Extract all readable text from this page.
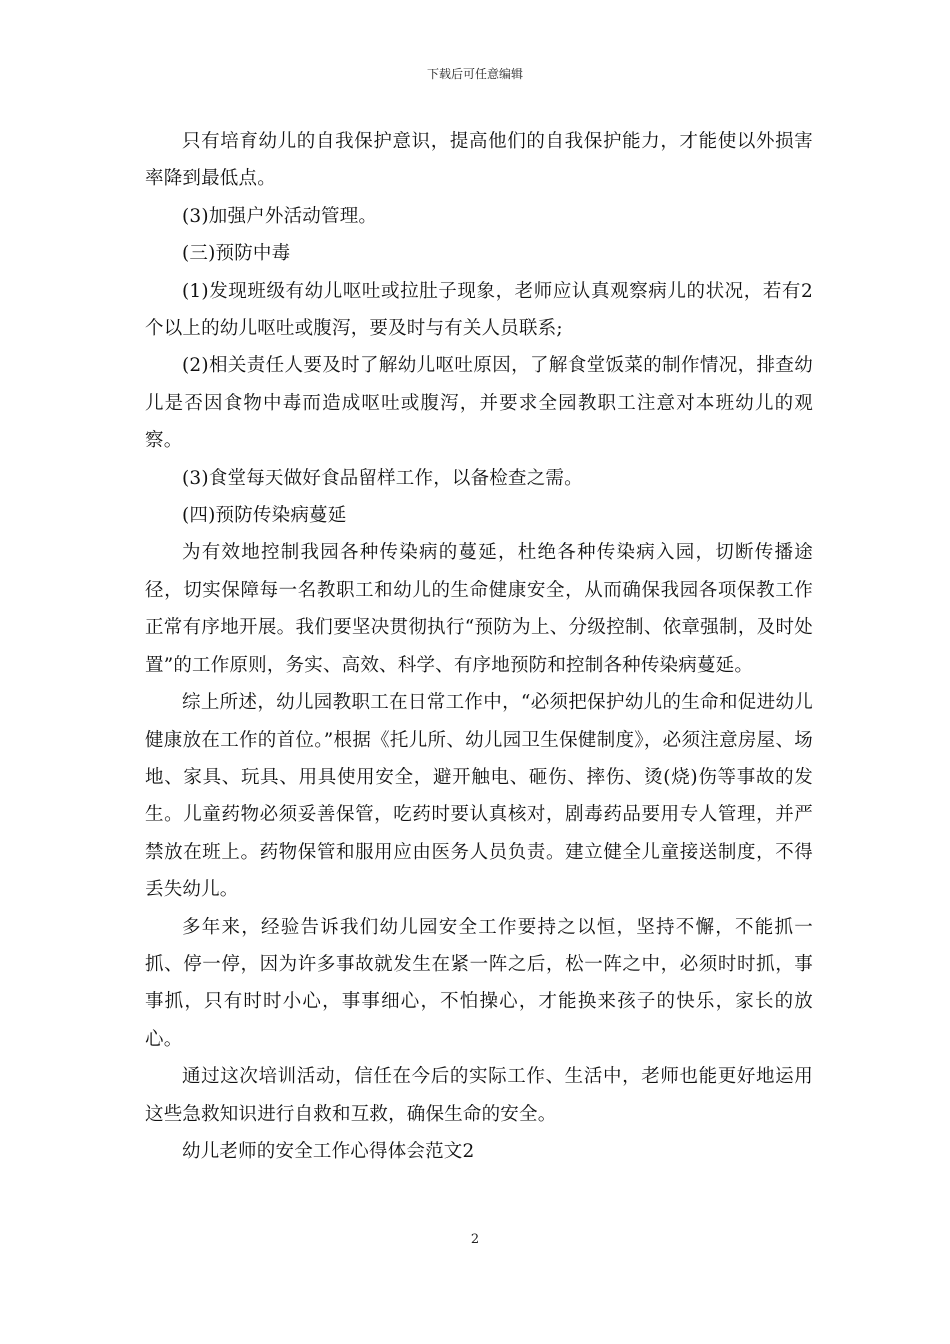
下载后可任意编辑

只有培育幼儿的自我保护意识，提高他们的自我保护能力，才能使以外损害率降到最低点。

(3)加强户外活动管理。

(三)预防中毒

(1)发现班级有幼儿呕吐或拉肚子现象，老师应认真观察病儿的状况，若有2个以上的幼儿呕吐或腹泻，要及时与有关人员联系;

(2)相关责任人要及时了解幼儿呕吐原因，了解食堂饭菜的制作情况，排查幼儿是否因食物中毒而造成呕吐或腹泻，并要求全园教职工注意对本班幼儿的观察。

(3)食堂每天做好食品留样工作，以备检查之需。

(四)预防传染病蔓延

为有效地控制我园各种传染病的蔓延，杜绝各种传染病入园，切断传播途径，切实保障每一名教职工和幼儿的生命健康安全，从而确保我园各项保教工作正常有序地开展。我们要坚决贯彻执行“预防为上、分级控制、依章强制，及时处置”的工作原则，务实、高效、科学、有序地预防和控制各种传染病蔓延。

综上所述，幼儿园教职工在日常工作中，“必须把保护幼儿的生命和促进幼儿健康放在工作的首位。”根据《托儿所、幼儿园卫生保健制度》，必须注意房屋、场地、家具、玩具、用具使用安全，避开触电、砸伤、摔伤、烫(烧)伤等事故的发生。儿童药物必须妥善保管，吃药时要认真核对，剧毒药品要用专人管理，并严禁放在班上。药物保管和服用应由医务人员负责。建立健全儿童接送制度，不得丢失幼儿。

多年来，经验告诉我们幼儿园安全工作要持之以恒，坚持不懈，不能抓一抓、停一停，因为许多事故就发生在紧一阵之后，松一阵之中，必须时时抓，事事抓，只有时时小心，事事细心，不怕操心，才能换来孩子的快乐，家长的放心。

通过这次培训活动，信任在今后的实际工作、生活中，老师也能更好地运用这些急救知识进行自救和互救，确保生命的安全。

幼儿老师的安全工作心得体会范文2

2
